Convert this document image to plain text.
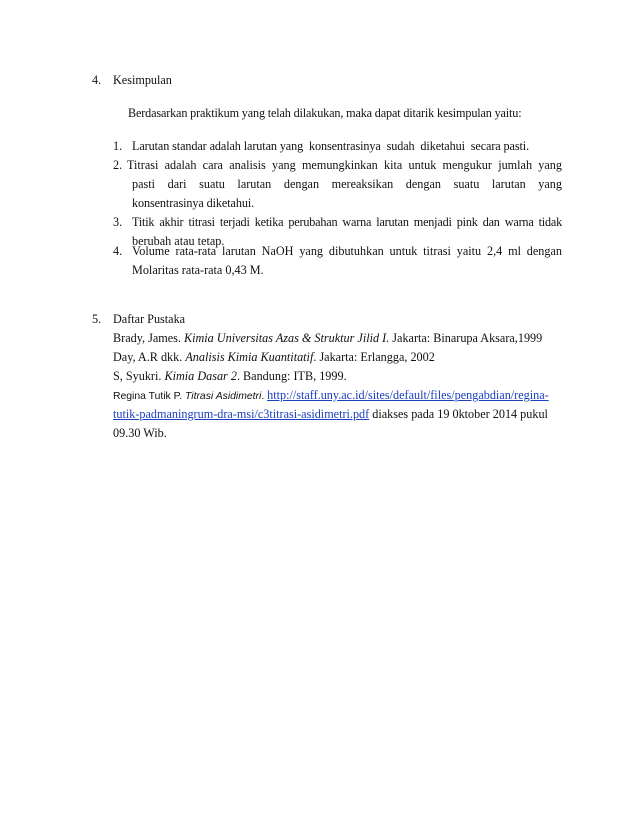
4. Kesimpulan
Berdasarkan praktikum yang telah dilakukan, maka dapat ditarik kesimpulan yaitu:
1. Larutan standar adalah larutan yang  konsentrasinya  sudah  diketahui  secara pasti.
2. Titrasi adalah cara analisis yang memungkinkan kita untuk mengukur jumlah yang
pasti dari suatu larutan dengan mereaksikan dengan suatu larutan yang
konsentrasinya diketahui.
3. Titik akhir titrasi terjadi ketika perubahan warna larutan menjadi pink dan warna tidak
berubah atau tetap.
4. Volume rata-rata larutan NaOH yang dibutuhkan untuk titrasi yaitu 2,4 ml dengan
Molaritas rata-rata 0,43 M.
5. Daftar Pustaka
Brady, James. Kimia Universitas Azas & Struktur Jilid I. Jakarta: Binarupa Aksara,1999
Day, A.R dkk. Analisis Kimia Kuantitatif. Jakarta: Erlangga, 2002
S, Syukri. Kimia Dasar 2. Bandung: ITB, 1999.
Regina Tutik P. Titrasi Asidimetri. http://staff.uny.ac.id/sites/default/files/pengabdian/regina-
tutik-padmaningrum-dra-msi/c3titrasi-asidimetri.pdf diakses pada 19 0ktober 2014 pukul
09.30 Wib.
